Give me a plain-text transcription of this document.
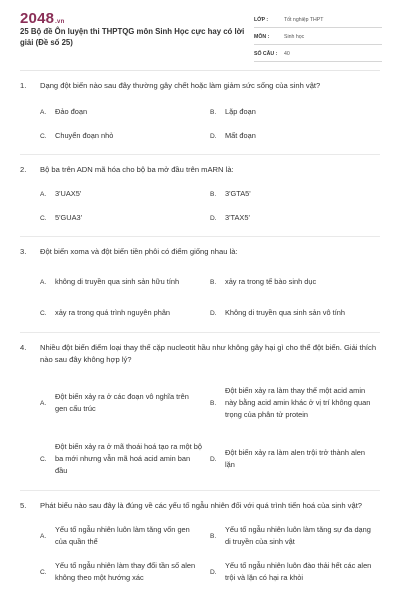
2048.vn
25 Bộ đề Ôn luyện thi THPTQG môn Sinh Học cực hay có lời giải (Đề số 25)
LỚP :	Tốt nghiệp THPT
MÔN :	Sinh học
SỐ CÂU :	40
1.	Dạng đột biến nào sau đây thường gây chết hoặc làm giảm sức sống của sinh vật?
A.	Đảo đoạn	B.	Lặp đoạn
C.	Chuyển đoạn nhỏ	D.	Mất đoạn
2.	Bộ ba trên ADN mã hóa cho bộ ba mở đầu trên mARN là:
A.	3'UAX5'	B.	3'GTA5'
C.	5'GUA3'	D.	3'TAX5'
3.	Đột biến xoma và đột biến tiền phôi có điểm giống nhau là:
A.	không di truyền qua sinh sản hữu tính	B.	xảy ra trong tế bào sinh dục
C.	xảy ra trong quá trình nguyên phân	D.	Không di truyền qua sinh sản vô tính
4.	Nhiều đột biến điểm loại thay thế cặp nucleotit hầu như không gây hại gì cho thể đột biến. Giải thích nào sau đây không hợp lý?
A.
Đột biến xảy ra ở các đoạn vô nghĩa trên gen cấu trúc
B.
Đột biến xảy ra làm thay thế một acid amin này bằng acid amin khác ở vị trí không quan trọng của phân tử protein
C.
Đột biến xảy ra ở mã thoái hoá tạo ra một bộ ba mới nhưng vẫn mã hoá acid amin ban đầu
D.
Đột biến xảy ra làm alen trội trở thành alen lặn
5.	Phát biểu nào sau đây là đúng về các yếu tố ngẫu nhiên đối với quá trình tiến hoá của sinh vật?
A.
Yếu tố ngẫu nhiên luôn làm tăng vốn gen của quần thể
B.
Yếu tố ngẫu nhiên luôn làm tăng sự đa dạng di truyền của sinh vật
C.
Yếu tố ngẫu nhiên làm thay đổi tần số alen không theo một hướng xác
D.
Yếu tố ngẫu nhiên luôn đào thải hết các alen trội và lặn có hại ra khỏi
